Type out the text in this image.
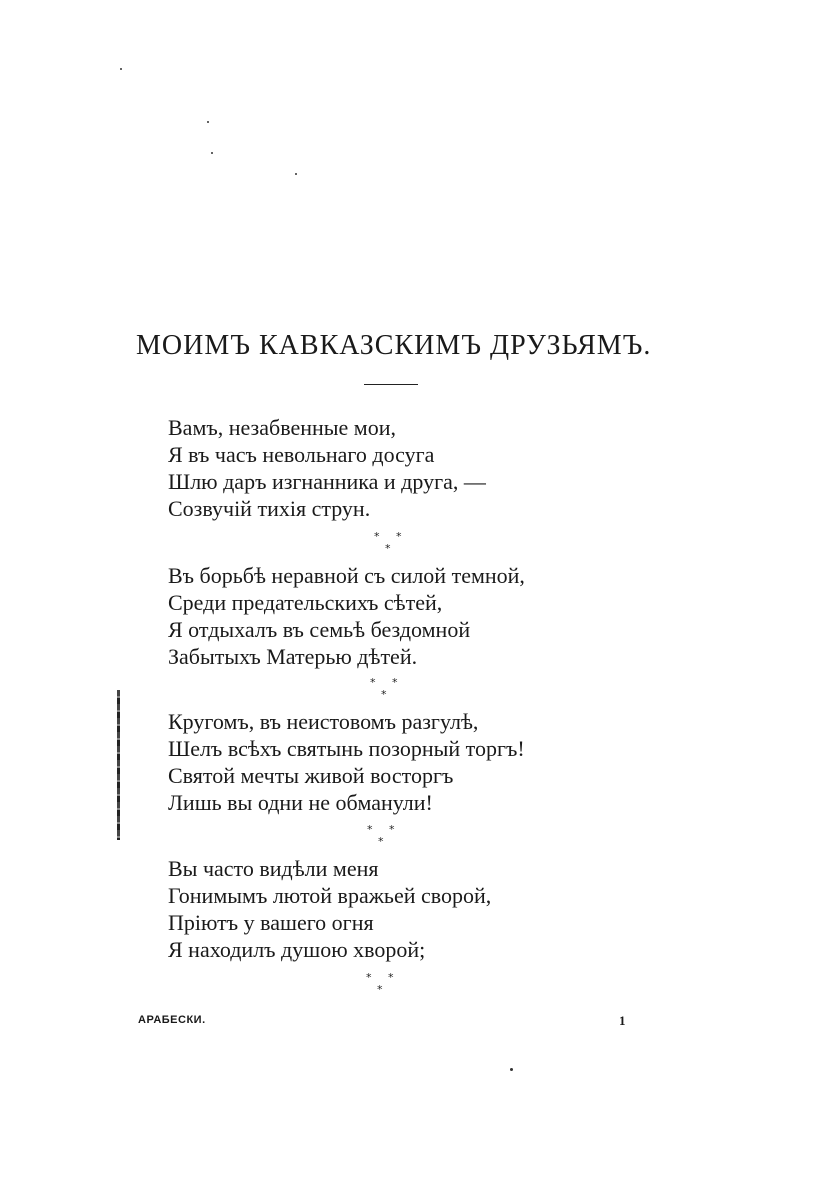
МОИМЪ КАВКАЗСКИМЪ ДРУЗЬЯМЪ.
Вамъ, незабвенные мои,
Я въ часъ невольнаго досуга
Шлю даръ изгнанника и друга, —
Созвучій тихія струн.
* *
*
Въ борьбѣ неравной съ силой темной,
Среди предательскихъ сѣтей,
Я отдыхалъ въ семьѣ бездомной
Забытыхъ Матерью дѣтей.
* *
*
Кругомъ, въ неистовомъ разгулѣ,
Шелъ всѣхъ святынь позорный торгъ!
Святой мечты живой восторгъ
Лишь вы одни не обманули!
* *
*
Вы часто видѣли меня
Гонимымъ лютой вражьей сворой,
Пріютъ у вашего огня
Я находилъ душою хворой;
* *
*
АРАБЕСКИ.	1
